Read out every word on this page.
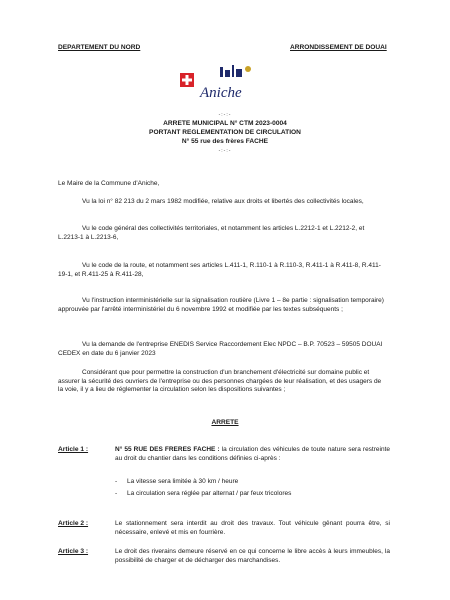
DEPARTEMENT DU NORD	ARRONDISSEMENT DE DOUAI
Aniche
-:-:-
ARRETE MUNICIPAL N° CTM 2023-0004
PORTANT REGLEMENTATION DE CIRCULATION
N° 55 rue des frères FACHE
-:-:-
Le Maire de la Commune d'Aniche,
Vu la loi n° 82 213 du 2 mars 1982 modifiée, relative aux droits et libertés des collectivités locales,
Vu le code général des collectivités territoriales, et notamment les articles L.2212-1 et L.2212-2, et L.2213-1 à L.2213-6,
Vu le code de la route, et notamment ses articles L.411-1, R.110-1 à R.110-3, R.411-1 à R.411-8, R.411-19-1, et R.411-25 à R.411-28,
Vu l'instruction interministérielle sur la signalisation routière (Livre 1 – 8e partie : signalisation temporaire) approuvée par l'arrêté interministériel du 6 novembre 1992 et modifiée par les textes subséquents ;
Vu la demande de l'entreprise ENEDIS Service Raccordement Elec NPDC – B.P. 70523 – 59505 DOUAI CEDEX en date du 6 janvier 2023
Considérant que pour permettre la construction d'un branchement d'électricité sur domaine public et assurer la sécurité des ouvriers de l'entreprise ou des personnes chargées de leur réalisation, et des usagers de la voie, il y a lieu de réglementer la circulation selon les dispositions suivantes ;
ARRETE
Article 1 :	N° 55 RUE DES FRERES FACHE : la circulation des véhicules de toute nature sera restreinte au droit du chantier dans les conditions définies ci-après :
- La vitesse sera limitée à 30 km / heure
- La circulation sera réglée par alternat / par feux tricolores
Article 2 :	Le stationnement sera interdit au droit des travaux. Tout véhicule gênant pourra être, si nécessaire, enlevé et mis en fourrière.
Article 3 :	Le droit des riverains demeure réservé en ce qui concerne le libre accès à leurs immeubles, la possibilité de charger et de décharger des marchandises.
